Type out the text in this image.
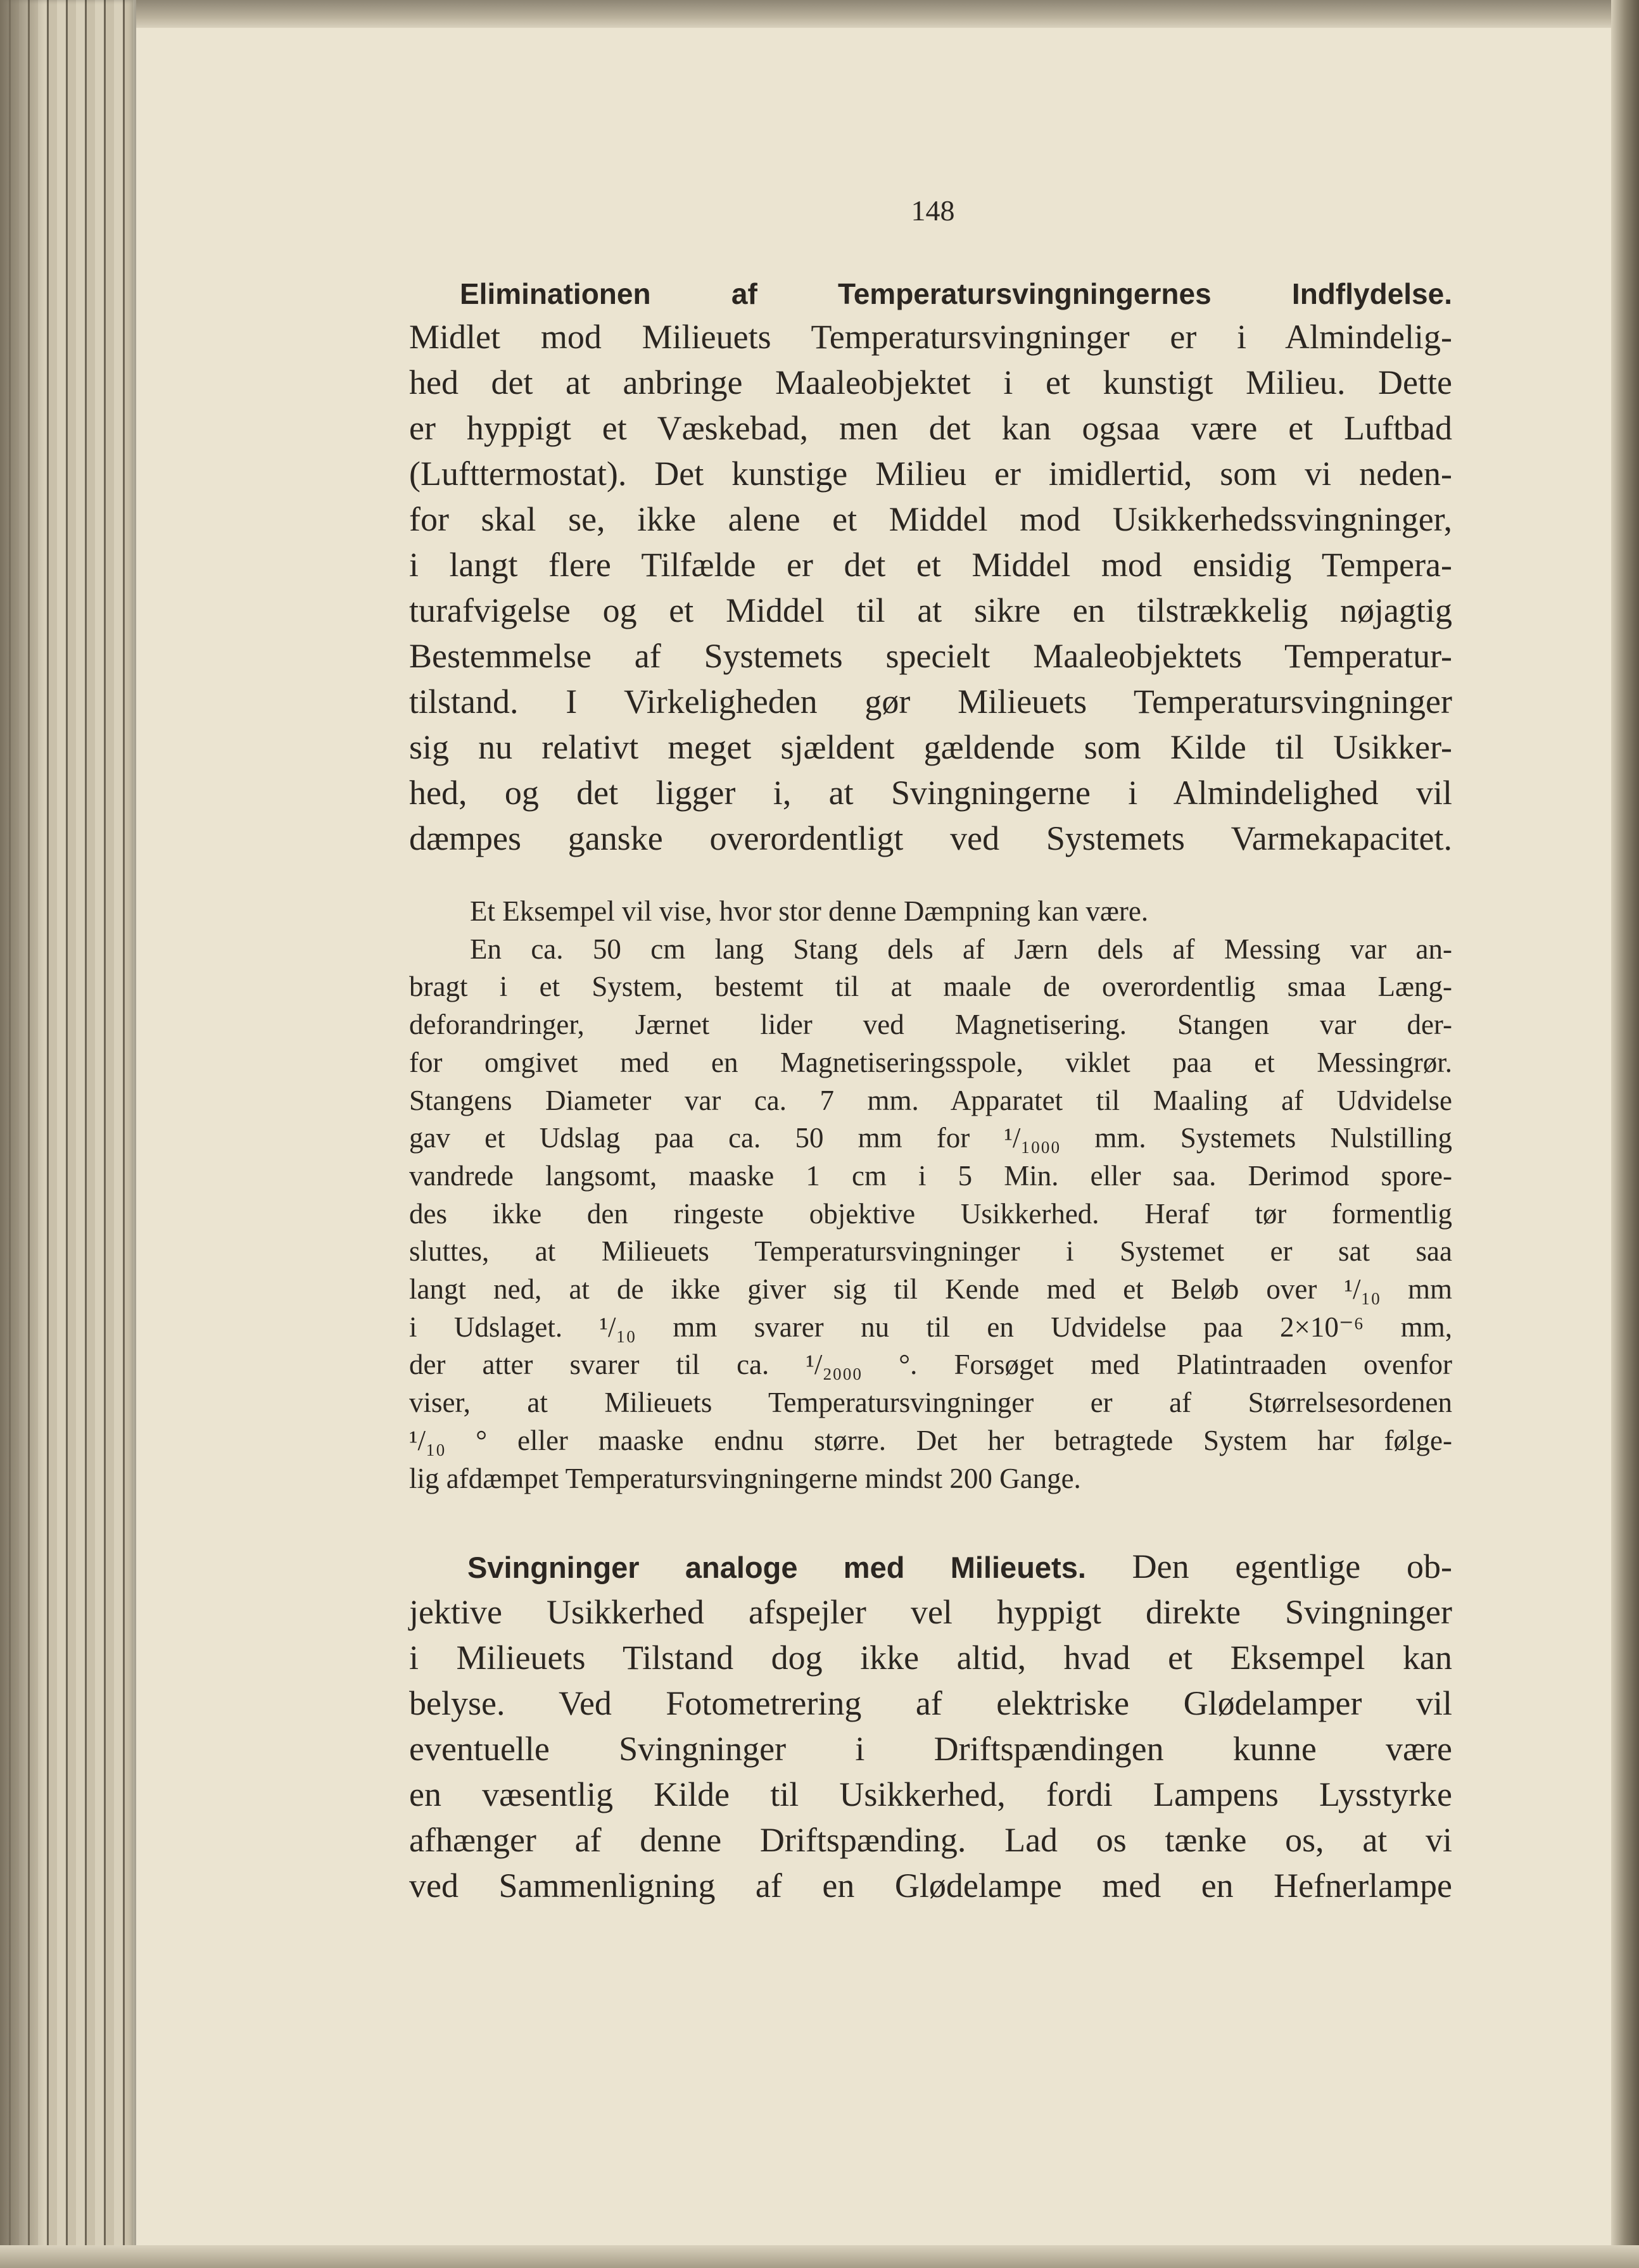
148
Eliminationen af Temperatursvingningernes Indflydelse.
Midlet mod Milieuets Temperatursvingninger er i Almindelig-
hed det at anbringe Maaleobjektet i et kunstigt Milieu. Dette
er hyppigt et Væskebad, men det kan ogsaa være et Luftbad
(Lufttermostat). Det kunstige Milieu er imidlertid, som vi neden-
for skal se, ikke alene et Middel mod Usikkerhedssvingninger,
i langt flere Tilfælde er det et Middel mod ensidig Tempera-
turafvigelse og et Middel til at sikre en tilstrækkelig nøjagtig
Bestemmelse af Systemets specielt Maaleobjektets Temperatur-
tilstand. I Virkeligheden gør Milieuets Temperatursvingninger
sig nu relativt meget sjældent gældende som Kilde til Usikker-
hed, og det ligger i, at Svingningerne i Almindelighed vil
dæmpes ganske overordentligt ved Systemets Varmekapacitet.
Et Eksempel vil vise, hvor stor denne Dæmpning kan være.
En ca. 50 cm lang Stang dels af Jærn dels af Messing var an-
bragt i et System, bestemt til at maale de overordentlig smaa Læng-
deforandringer, Jærnet lider ved Magnetisering. Stangen var der-
for omgivet med en Magnetiseringsspole, viklet paa et Messingrør.
Stangens Diameter var ca. 7 mm. Apparatet til Maaling af Udvidelse
gav et Udslag paa ca. 50 mm for ¹/₁₀₀₀ mm. Systemets Nulstilling
vandrede langsomt, maaske 1 cm i 5 Min. eller saa. Derimod spore-
des ikke den ringeste objektive Usikkerhed. Heraf tør formentlig
sluttes, at Milieuets Temperatursvingninger i Systemet er sat saa
langt ned, at de ikke giver sig til Kende med et Beløb over ¹/₁₀ mm
i Udslaget. ¹/₁₀ mm svarer nu til en Udvidelse paa 2×10⁻⁶ mm,
der atter svarer til ca. ¹/₂₀₀₀ °. Forsøget med Platintraaden ovenfor
viser, at Milieuets Temperatursvingninger er af Størrelsesordenen
¹/₁₀ ° eller maaske endnu større. Det her betragtede System har følge-
lig afdæmpet Temperatursvingningerne mindst 200 Gange.
Svingninger analoge med Milieuets. Den egentlige ob-
jektive Usikkerhed afspejler vel hyppigt direkte Svingninger
i Milieuets Tilstand dog ikke altid, hvad et Eksempel kan
belyse. Ved Fotometrering af elektriske Glødelamper vil
eventuelle Svingninger i Driftspændingen kunne være
en væsentlig Kilde til Usikkerhed, fordi Lampens Lysstyrke
afhænger af denne Driftspænding. Lad os tænke os, at vi
ved Sammenligning af en Glødelampe med en Hefnerlampe
